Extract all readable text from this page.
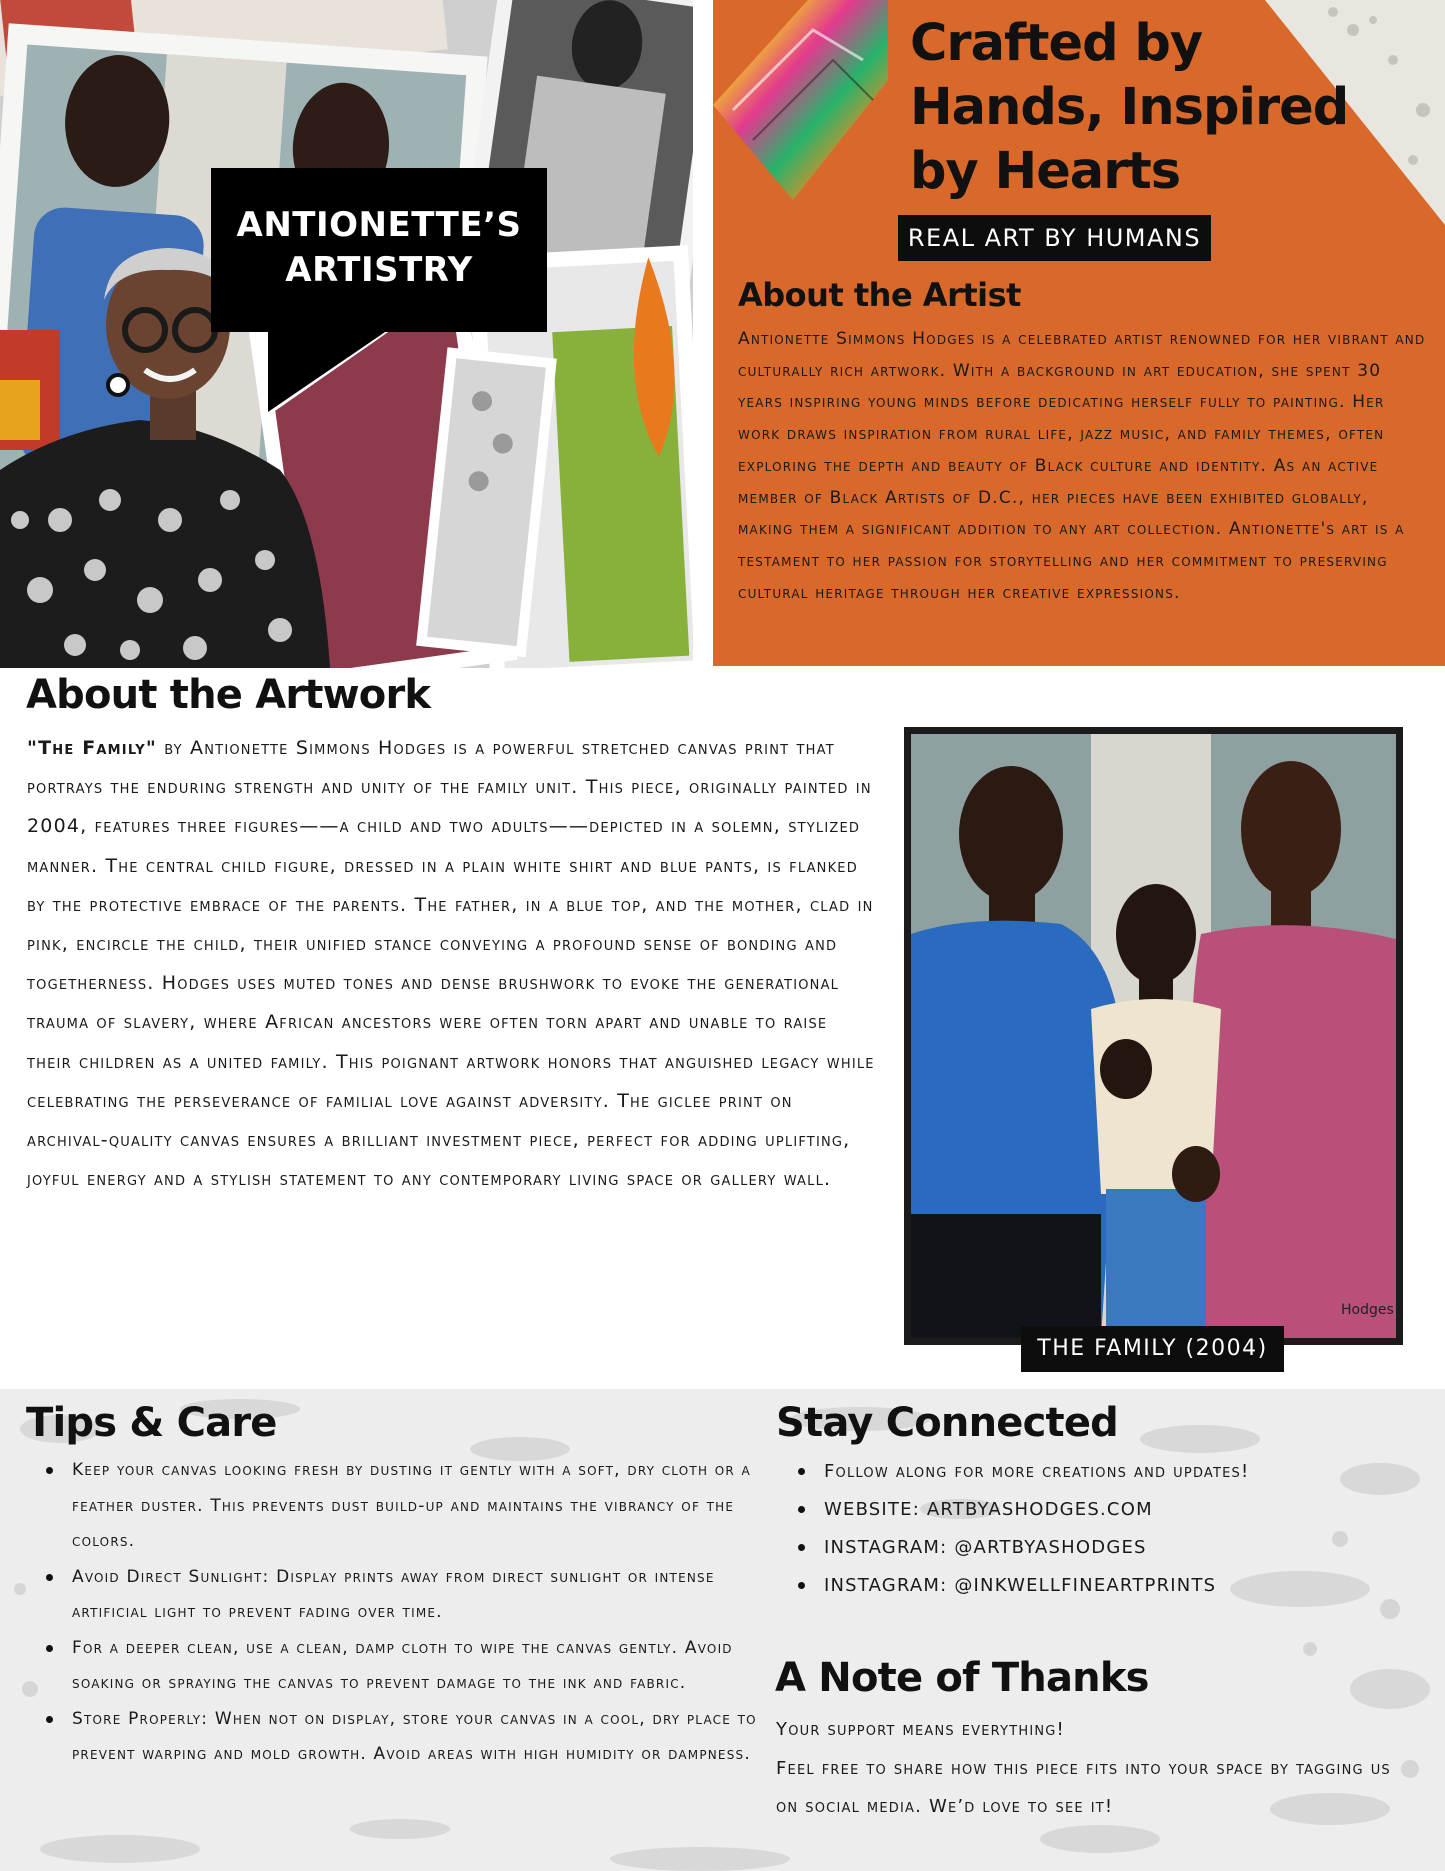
ANTIONETTE’S
ARTISTRY
Crafted by
Hands, Inspired
by Hearts
REAL ART BY HUMANS
About the Artist
Antionette Simmons Hodges is a celebrated artist renowned for her vibrant and culturally rich artwork. With a background in art education, she spent 30 years inspiring young minds before dedicating herself fully to painting. Her work draws inspiration from rural life, jazz music, and family themes, often exploring the depth and beauty of Black culture and identity. As an active member of Black Artists of D.C., her pieces have been exhibited globally, making them a significant addition to any art collection. Antionette's art is a testament to her passion for storytelling and her commitment to preserving cultural heritage through her creative expressions.
About the Artwork
"The Family" by Antionette Simmons Hodges is a powerful stretched canvas print that portrays the enduring strength and unity of the family unit. This piece, originally painted in 2004, features three figures——a child and two adults——depicted in a solemn, stylized manner. The central child figure, dressed in a plain white shirt and blue pants, is flanked by the protective embrace of the parents. The father, in a blue top, and the mother, clad in pink, encircle the child, their unified stance conveying a profound sense of bonding and togetherness. Hodges uses muted tones and dense brushwork to evoke the generational trauma of slavery, where African ancestors were often torn apart and unable to raise their children as a united family. This poignant artwork honors that anguished legacy while celebrating the perseverance of familial love against adversity. The giclee print on archival-quality canvas ensures a brilliant investment piece, perfect for adding uplifting, joyful energy and a stylish statement to any contemporary living space or gallery wall.
Hodges
THE FAMILY (2004)
Tips & Care
Keep your canvas looking fresh by dusting it gently with a soft, dry cloth or a feather duster. This prevents dust build-up and maintains the vibrancy of the colors.
Avoid Direct Sunlight: Display prints away from direct sunlight or intense artificial light to prevent fading over time.
For a deeper clean, use a clean, damp cloth to wipe the canvas gently. Avoid soaking or spraying the canvas to prevent damage to the ink and fabric.
Store Properly: When not on display, store your canvas in a cool, dry place to prevent warping and mold growth. Avoid areas with high humidity or dampness.
Stay Connected
Follow along for more creations and updates!
WEBSITE: ARTBYASHODGES.COM
INSTAGRAM: @ARTBYASHODGES
INSTAGRAM: @INKWELLFINEARTPRINTS
A Note of Thanks
Your support means everything!
Feel free to share how this piece fits into your space by tagging us on social media. We’d love to see it!
